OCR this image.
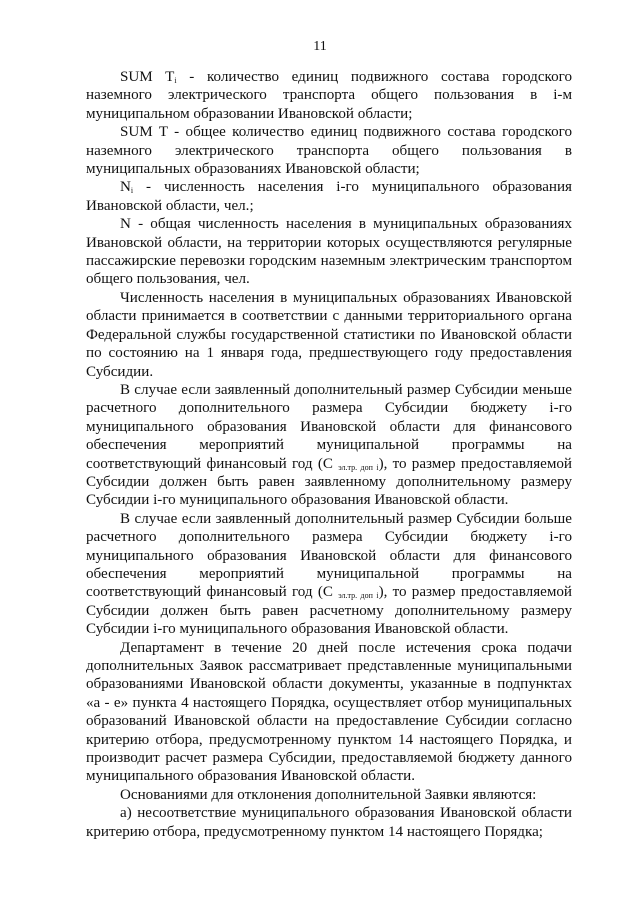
11

SUM $T_i$ - количество единиц подвижного состава городского наземного электрического транспорта общего пользования в i-м муниципальном образовании Ивановской области;

SUM T - общее количество единиц подвижного состава городского наземного электрического транспорта общего пользования в муниципальных образованиях Ивановской области;

$N_i$ - численность населения i-го муниципального образования Ивановской области, чел.;

N - общая численность населения в муниципальных образованиях Ивановской области, на территории которых осуществляются регулярные пассажирские перевозки городским наземным электрическим транспортом общего пользования, чел.

Численность населения в муниципальных образованиях Ивановской области принимается в соответствии с данными территориального органа Федеральной службы государственной статистики по Ивановской области по состоянию на 1 января года, предшествующего году предоставления Субсидии.

В случае если заявленный дополнительный размер Субсидии меньше расчетного дополнительного размера Субсидии бюджету i-го муниципального образования Ивановской области для финансового обеспечения мероприятий муниципальной программы на соответствующий финансовый год (С $_{эл.тр. доп i}$), то размер предоставляемой Субсидии должен быть равен заявленному дополнительному размеру Субсидии i-го муниципального образования Ивановской области.

В случае если заявленный дополнительный размер Субсидии больше расчетного дополнительного размера Субсидии бюджету i-го муниципального образования Ивановской области для финансового обеспечения мероприятий муниципальной программы на соответствующий финансовый год (С $_{эл.тр. доп i}$), то размер предоставляемой Субсидии должен быть равен расчетному дополнительному размеру Субсидии i-го муниципального образования Ивановской области.

Департамент в течение 20 дней после истечения срока подачи дополнительных Заявок рассматривает представленные муниципальными образованиями Ивановской области документы, указанные в подпунктах «а - е» пункта 4 настоящего Порядка, осуществляет отбор муниципальных образований Ивановской области на предоставление Субсидии согласно критерию отбора, предусмотренному пунктом 14 настоящего Порядка, и производит расчет размера Субсидии, предоставляемой бюджету данного муниципального образования Ивановской области.

Основаниями для отклонения дополнительной Заявки являются:

а) несоответствие муниципального образования Ивановской области критерию отбора, предусмотренному пунктом 14 настоящего Порядка;
